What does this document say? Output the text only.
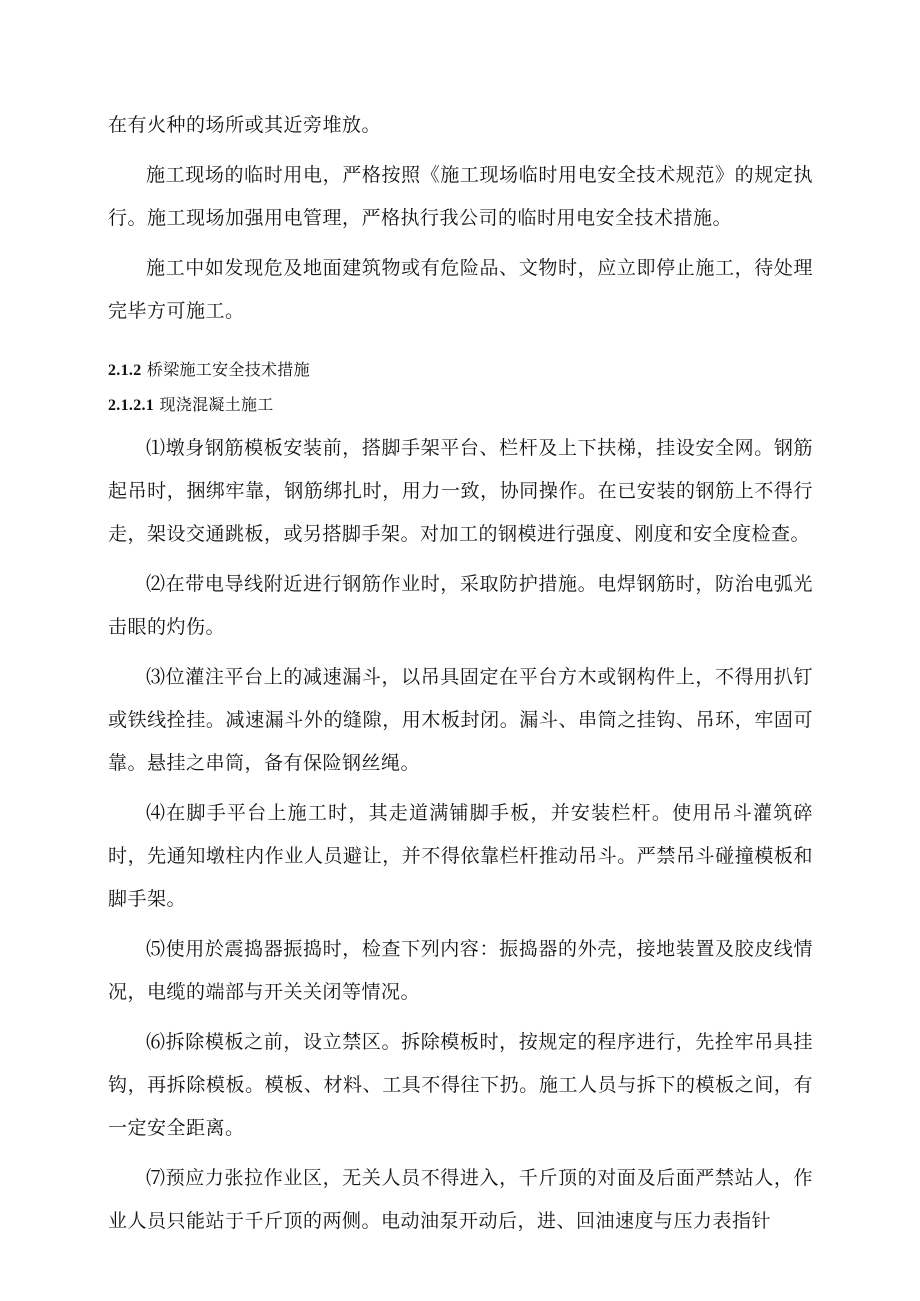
在有火种的场所或其近旁堆放。

施工现场的临时用电，严格按照《施工现场临时用电安全技术规范》的规定执行。施工现场加强用电管理，严格执行我公司的临时用电安全技术措施。

施工中如发现危及地面建筑物或有危险品、文物时，应立即停止施工，待处理完毕方可施工。

2.1.2 桥梁施工安全技术措施
2.1.2.1 现浇混凝土施工

⑴墩身钢筋模板安装前，搭脚手架平台、栏杆及上下扶梯，挂设安全网。钢筋起吊时，捆绑牢靠，钢筋绑扎时，用力一致，协同操作。在已安装的钢筋上不得行走，架设交通跳板，或另搭脚手架。对加工的钢模进行强度、刚度和安全度检查。

⑵在带电导线附近进行钢筋作业时，采取防护措施。电焊钢筋时，防治电弧光击眼的灼伤。

⑶位灌注平台上的减速漏斗，以吊具固定在平台方木或钢构件上，不得用扒钉或铁线拴挂。减速漏斗外的缝隙，用木板封闭。漏斗、串筒之挂钩、吊环，牢固可靠。悬挂之串筒，备有保险钢丝绳。

⑷在脚手平台上施工时，其走道满铺脚手板，并安装栏杆。使用吊斗灌筑碎时，先通知墩柱内作业人员避让，并不得依靠栏杆推动吊斗。严禁吊斗碰撞模板和脚手架。

⑸使用於震捣器振捣时，检查下列内容：振捣器的外壳，接地装置及胶皮线情况，电缆的端部与开关关闭等情况。

⑹拆除模板之前，设立禁区。拆除模板时，按规定的程序进行，先拴牢吊具挂钩，再拆除模板。模板、材料、工具不得往下扔。施工人员与拆下的模板之间，有一定安全距离。

⑺预应力张拉作业区，无关人员不得进入，千斤顶的对面及后面严禁站人，作业人员只能站于千斤顶的两侧。电动油泵开动后，进、回油速度与压力表指针
